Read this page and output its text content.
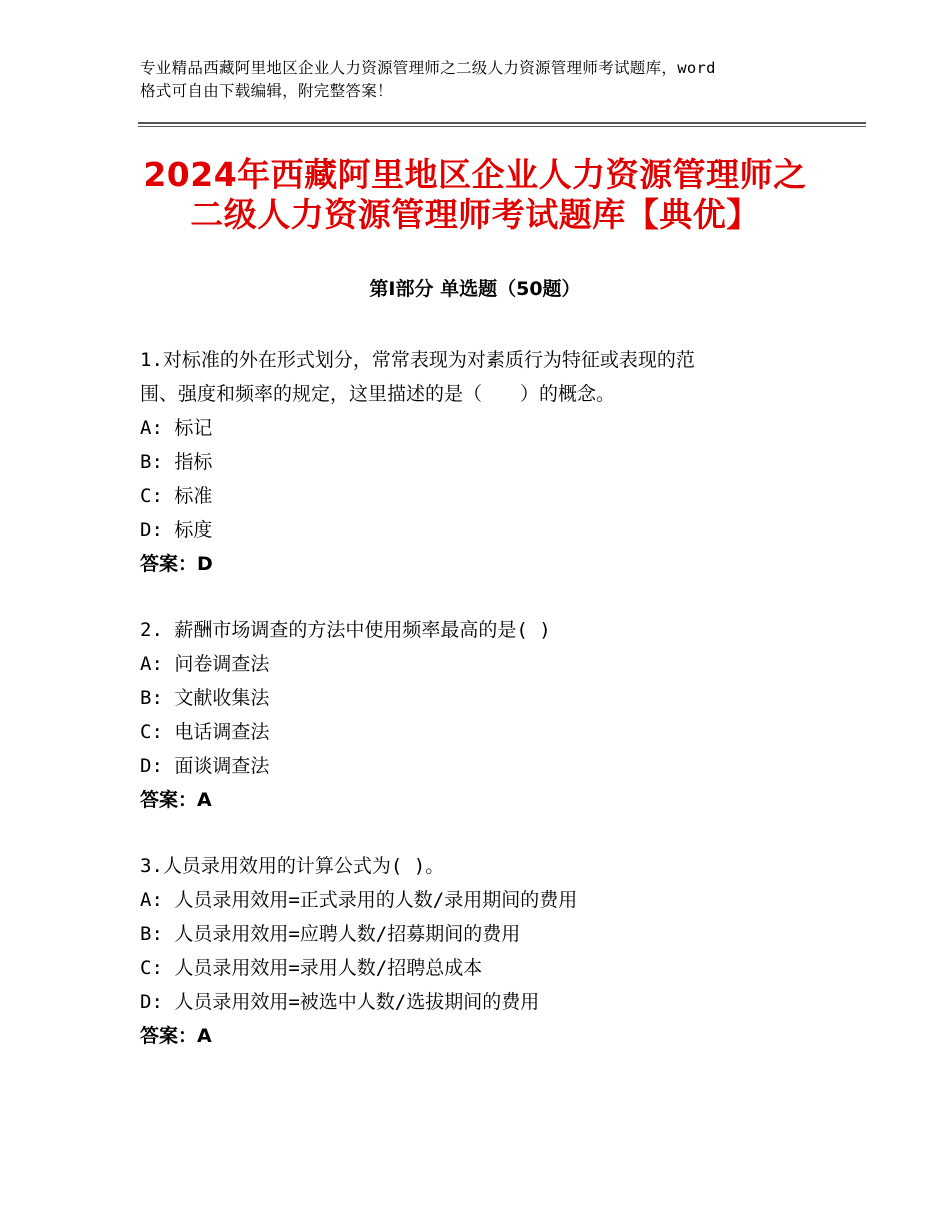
专业精品西藏阿里地区企业人力资源管理师之二级人力资源管理师考试题库，word
格式可自由下载编辑，附完整答案！
2024年西藏阿里地区企业人力资源管理师之
二级人力资源管理师考试题库【典优】
第Ⅰ部分 单选题（50题）
1.对标准的外在形式划分，常常表现为对素质行为特征或表现的范
围、强度和频率的规定，这里描述的是（　　）的概念。
A: 标记
B: 指标
C: 标准
D: 标度
答案：D
2. 薪酬市场调查的方法中使用频率最高的是( )
A: 问卷调查法
B: 文献收集法
C: 电话调查法
D: 面谈调查法
答案：A
3.人员录用效用的计算公式为( )。
A: 人员录用效用=正式录用的人数/录用期间的费用
B: 人员录用效用=应聘人数/招募期间的费用
C: 人员录用效用=录用人数/招聘总成本
D: 人员录用效用=被选中人数/选拔期间的费用
答案：A
